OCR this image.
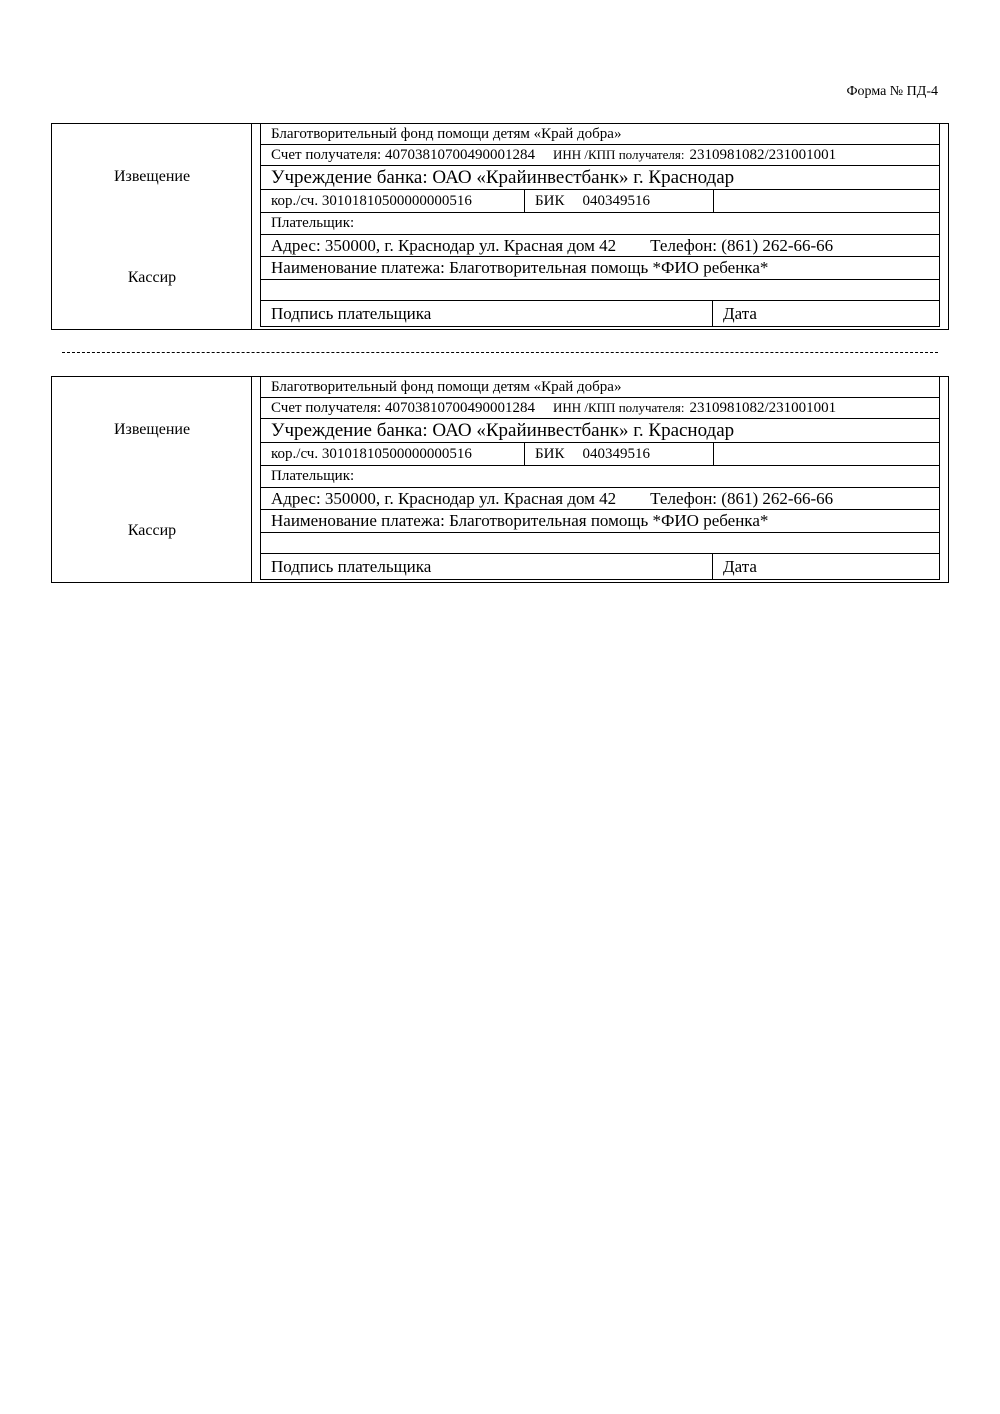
Форма № ПД-4
Извещение
Кассир
Благотворительный фонд помощи детям «Край добра»
Счет получателя: 40703810700490001284 ИНН /КПП получателя: 2310981082/231001001
Учреждение банка: ОАО «Крайинвестбанк» г. Краснодар
кор./сч. 30101810500000000516	БИК 040349516
Плательщик:
Адрес: 350000, г. Краснодар ул. Красная дом 42 Телефон: (861) 262-66-66
Наименование платежа: Благотворительная помощь *ФИО ребенка*
Подпись плательщика	Дата
Извещение
Кассир
Благотворительный фонд помощи детям «Край добра»
Счет получателя: 40703810700490001284 ИНН /КПП получателя: 2310981082/231001001
Учреждение банка: ОАО «Крайинвестбанк» г. Краснодар
кор./сч. 30101810500000000516	БИК 040349516
Плательщик:
Адрес: 350000, г. Краснодар ул. Красная дом 42 Телефон: (861) 262-66-66
Наименование платежа: Благотворительная помощь *ФИО ребенка*
Подпись плательщика	Дата
